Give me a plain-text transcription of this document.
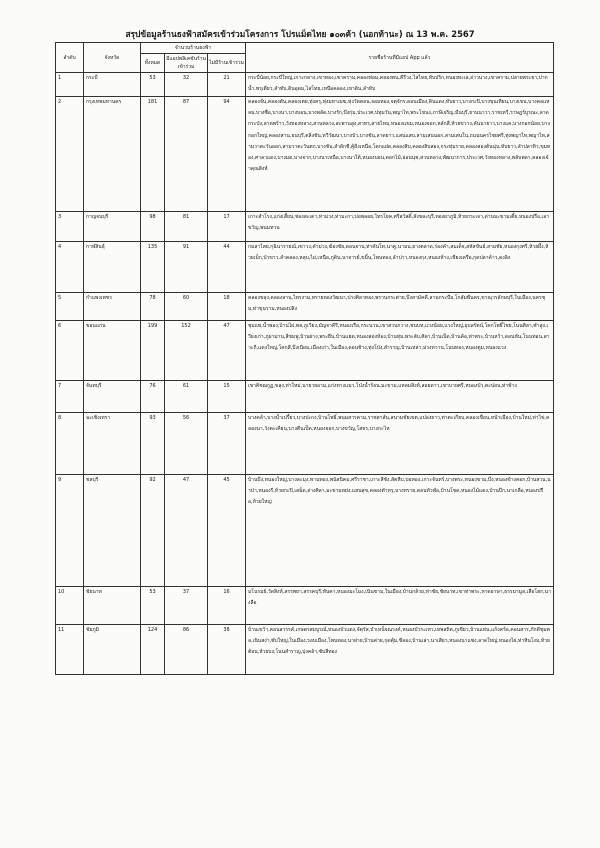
สรุปข้อมูลร้านธงฟ้าสมัครเข้าร่วมโครงการ โปรแม็ดไทย ๑๐๓ค้า (นอกท้านะ) ณ 13 พ.ค. 2567
ลำดับ	จังหวัด	จำนวนร้านธงฟ้า			รายชื่อร้านที่มีแอป App แล้ว
		ทั้งหมด	มีแอปพลิเคชันร้านเข้าร่วม	ไม่มีร้านเข้าร่วม	
1	กระบี่	53	32	21	กระบี่น้อย,กระบี่ใหญ่,เกาะกลาง,เขาทอง,เขาคราม,คลองท่อม,คลองพน,คีรีวง,ไสไทย,ทับปริก,หนองทะเล,อ่าวนาง,เขาคราม,ปลายพระยา,ปากน้ำ,พรุเตียว,ลำทับ,ดินอุดม,ไสโทย,เหนือคลอง,เขาดิน,ลำทับ

2	กรุงเทพมหานคร	181	87	94	คลองจั่น,คลองตัน,คลองเตย,ทุ่งครุ,ทุ่งมหาเมฆ,ทุ่งวัดดอน,จอมทอง,จตุจักร,ดอนเมือง,ดินแดง,ทับยาว,บางกะปิ,บางขุนเทียน,บางเขน,บางคอแหลม,บางซื่อ,บางนา,บางบอน,บางพลัด,บางรัก,บึงกุ่ม,ประเวศ,ปทุมวัน,พญาไท,พระโขนง,ภาษีเจริญ,มีนบุรี,ยานนาวา,ราชเทวี,ราษฎร์บูรณะ,ลาดกระบัง,ลาดพร้าว,วังทองหลาง,สวนหลวง,สะพานสูง,สาทร,สายไหม,หนองแขม,หนองจอก,หลักสี่,ห้วยขวาง,คันนายาว,บางแค,บางกอกน้อย,บางกอกใหญ่,คลองสาน,ธนบุรี,ตลิ่งชัน,ทวีวัฒนา,บางบัว,บางชัน,ลาดยาว,แสนแสบ,สามเสนนอก,สามเสนใน,ถนนนครไชยศรี,ทุ่งพญาไท,พญาไท,สามวาตะวันออก,สามวาตะวันตก,บางชัน,ลำผักชี,คู้ฝั่งเหนือ,โคกแฝด,คลองสิบ,คลองสิบสอง,กระทุ่มราย,คลองสองต้นนุ่น,ทับยาว,ลำปลาทิว,ขุมทอง,ศาลาแดง,บางมด,บางจาก,บางนาเหนือ,บางนาใต้,หนองบอน,ดอกไม้,อ่อนนุช,สวนหลวง,พัฒนาการ,ประเวศ,วังทองหลาง,พลับพลา,คลองเจ้าคุณสิงห์

3	กาญจนบุรี	98	81	17	เกาะสำโรง,แก่งเสี้ยน,ช่องสะเดา,ท่าม่วง,ท่ามะกา,บ่อพลอย,ไทรโยค,ศรีสวัสดิ์,สังขละบุรี,ทองผาภูมิ,ห้วยกระเจา,ด่านมะขามเตี้ย,หนองปรือ,เลาขวัญ,พนมทวน

4	กาฬสินธุ์	135	91	44	กมลาไสย,กุฉินารายณ์,เขาวง,คำม่วง,ฆ้องชัย,ดอนจาน,ท่าคันโท,นาคู,นามน,ยางตลาด,ร่องคำ,สมเด็จ,สหัสขันธ์,สามชัย,หนองกุงศรี,ห้วยผึ้ง,ห้วยเม็ก,บัวขาว,ลำคลอง,หลุบ,ไผ่,เหนือ,ภูดิน,นาจารย์,ขมิ้น,โพนทอง,ลำปาว,หนองกุง,หนองห้าง,เชียงเครือ,กุดปลาค้าว,ดงลิง

5	กำแพงเพชร	78	60	18	คลองขลุง,คลองลาน,ไทรงาม,ทรายทองวัฒนา,ปางศิลาทอง,พรานกระต่าย,บึงสามัคคี,ลานกระบือ,โกสัมพีนคร,ขาณุวรลักษบุรี,ในเมือง,นครชุม,ท่าขุนราม,หนองปลิง

6	ขอนแก่น	199	152	47	ชุมแพ,น้ำพอง,บ้านไผ่,พล,ภูเวียง,มัญจาคีรี,หนองเรือ,กระนวน,เขาสวนกวาง,ชนบท,แวงน้อย,แวงใหญ่,อุบลรัตน์,โคกโพธิ์ไชย,โนนศิลา,ซำสูง,เวียงเก่า,ภูผาม่าน,สีชมพู,บ้านฝาง,พระยืน,บ้านแฮด,หนองสองห้อง,บ้านทุ่ม,พระลับ,ศิลา,บ้านเป็ด,บ้านค้อ,ท่าพระ,บ้านหว้า,ดอนหัน,โนนท่อน,สาวะถี,แดงใหญ่,โคกสี,บึงเนียม,เมืองเก่า,ในเมือง,ดอนช้าง,ทุ่งโป่ง,สำราญ,บ้านเหล่า,ม่วงหวาน,โนนทอง,หนองตูม,หนองแวง

7	จันทบุรี	76	61	15	เขาคิชฌกูฏ,ขลุง,ท่าใหม่,นายายอาม,แก่งหางแมว,โป่งน้ำร้อน,มะขาม,แหลมสิงห์,สอยดาว,เขาบายศรี,หนองบัว,ตะปอน,ท่าช้าง

8	ฉะเชิงเทรา	93	56	37	บางคล้า,บางน้ำเปรี้ยว,บางปะกง,บ้านโพธิ์,พนมสารคาม,ราชสาส์น,สนามชัยเขต,แปลงยาว,ท่าตะเกียบ,คลองเขื่อน,หน้าเมือง,บ้านใหม่,ท่าไข่,คลองนา,วังตะเคียน,บางตีนเป็ด,หนองจอก,บางขวัญ,โสธร,บางกะไห

9	ชลบุรี	92	47	45	บ้านบึง,หนองใหญ่,บางละมุง,พานทอง,พนัสนิคม,ศรีราชา,เกาะสีชัง,สัตหีบ,บ่อทอง,เกาะจันทร์,บางพระ,หนองขาม,บึง,หนองข้างคอก,บ้านสวน,นาป่า,หนองรี,ห้วยกะปิ,เสม็ด,อ่างศิลา,มะขามหย่ง,แสนสุข,คลองตำหรุ,บางทราย,ดอนหัวฬ่อ,บ้านโขด,หนองไม้แดง,บ้านปึก,นาเกลือ,หนองปรือ,ห้วยใหญ่

10	ชัยนาท	53	37	16	มโนรมย์,วัดสิงห์,สรรพยา,สรรคบุรี,หันคา,หนองมะโมง,เนินขาม,ในเมือง,บ้านกล้วย,ท่าชัย,ชัยนาท,เขาท่าพระ,หาดอาษา,ธรรมามูล,เสือโฮก,นางลือ

11	ชัยภูมิ	124	86	38	บ้านเขว้า,คอนสวรรค์,เกษตรสมบูรณ์,หนองบัวแดง,จัตุรัส,บำเหน็จณรงค์,หนองบัวระเหว,เทพสถิต,ภูเขียว,บ้านแท่น,แก้งคร้อ,คอนสาร,ภักดีชุมพล,เนินสง่า,ซับใหญ่,ในเมือง,รอบเมือง,โพนทอง,นาฝาย,บ้านค่าย,กุดตุ้ม,ชีลอง,บ้านเล่า,นาเสียว,หนองนาแซง,ลาดใหญ่,หนองไผ่,ท่าหินโงม,ห้วยต้อน,ห้วยบง,โนนสำราญ,บุ่งคล้า,ซับสีทอง
